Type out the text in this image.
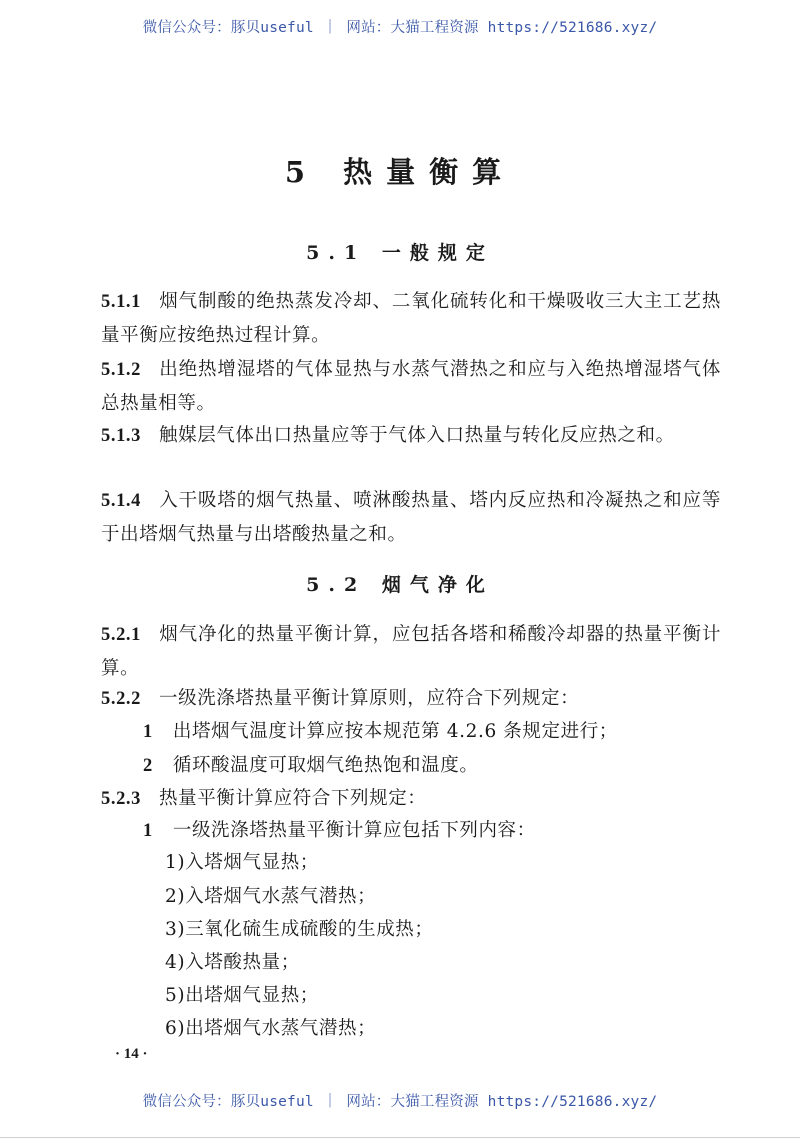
微信公众号：豚贝useful ｜ 网站：大猫工程资源 https://521686.xyz/
5 热量衡算
5.1 一般规定
5.1.1 烟气制酸的绝热蒸发冷却、二氧化硫转化和干燥吸收三大主工艺热量平衡应按绝热过程计算。
5.1.2 出绝热增湿塔的气体显热与水蒸气潜热之和应与入绝热增湿塔气体总热量相等。
5.1.3 触媒层气体出口热量应等于气体入口热量与转化反应热之和。
5.1.4 入干吸塔的烟气热量、喷淋酸热量、塔内反应热和冷凝热之和应等于出塔烟气热量与出塔酸热量之和。
5.2 烟气净化
5.2.1 烟气净化的热量平衡计算，应包括各塔和稀酸冷却器的热量平衡计算。
5.2.2 一级洗涤塔热量平衡计算原则，应符合下列规定：
1 出塔烟气温度计算应按本规范第 4.2.6 条规定进行；
2 循环酸温度可取烟气绝热饱和温度。
5.2.3 热量平衡计算应符合下列规定：
1 一级洗涤塔热量平衡计算应包括下列内容：
1)入塔烟气显热；
2)入塔烟气水蒸气潜热；
3)三氧化硫生成硫酸的生成热；
4)入塔酸热量；
5)出塔烟气显热；
6)出塔烟气水蒸气潜热；
· 14 ·
微信公众号：豚贝useful ｜ 网站：大猫工程资源 https://521686.xyz/
